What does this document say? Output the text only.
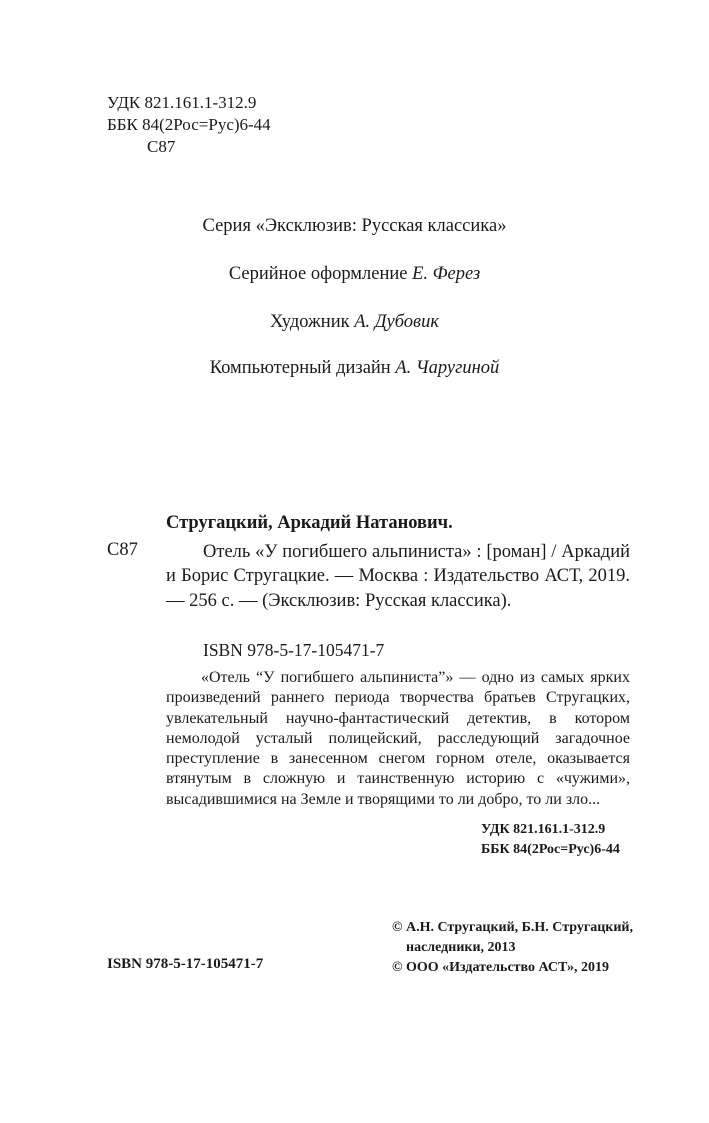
УДК 821.161.1-312.9
ББК 84(2Рос=Рус)6-44
С87
Серия «Эксклюзив: Русская классика»
Серийное оформление Е. Ферез
Художник А. Дубовик
Компьютерный дизайн А. Чаругиной
Стругацкий, Аркадий Натанович.
С87	Отель «У погибшего альпиниста» : [роман] / Аркадий и Борис Стругацкие. — Москва : Издательство АСТ, 2019. — 256 с. — (Эксклюзив: Русская классика).
ISBN 978-5-17-105471-7
«Отель “У погибшего альпиниста”» — одно из самых ярких произведений раннего периода творчества братьев Стругацких, увлекательный научно-фантастический детектив, в котором немолодой усталый полицейский, расследующий загадочное преступление в занесенном снегом горном отеле, оказывается втянутым в сложную и таинственную историю с «чужими», высадившимися на Земле и творящими то ли добро, то ли зло...
УДК 821.161.1-312.9
ББК 84(2Рос=Рус)6-44
ISBN 978-5-17-105471-7
© А.Н. Стругацкий, Б.Н. Стругацкий,
наследники, 2013
© ООО «Издательство АСТ», 2019
